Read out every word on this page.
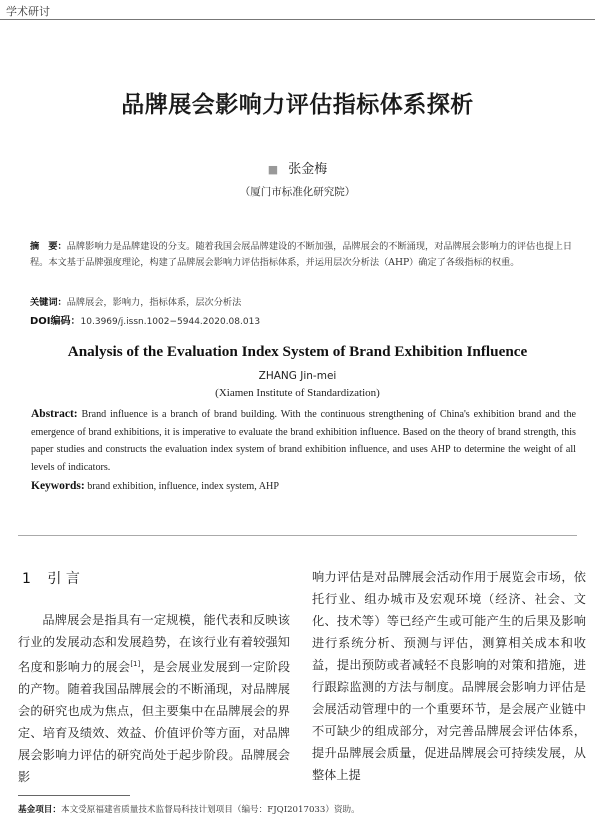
学术研讨
品牌展会影响力评估指标体系探析
■ 张金梅
（厦门市标准化研究院）
摘　要：品牌影响力是品牌建设的分支。随着我国会展品牌建设的不断加强，品牌展会的不断涌现，对品牌展会影响力的评估也提上日程。本文基于品牌强度理论，构建了品牌展会影响力评估指标体系，并运用层次分析法（AHP）确定了各级指标的权重。
关键词：品牌展会，影响力，指标体系，层次分析法
DOI编码：10.3969/j.issn.1002−5944.2020.08.013
Analysis of the Evaluation Index System of Brand Exhibition Influence
ZHANG Jin-mei
(Xiamen Institute of Standardization)
Abstract: Brand influence is a branch of brand building. With the continuous strengthening of China's exhibition brand and the emergence of brand exhibitions, it is imperative to evaluate the brand exhibition influence. Based on the theory of brand strength, this paper studies and constructs the evaluation index system of brand exhibition influence, and uses AHP to determine the weight of all levels of indicators.
Keywords: brand exhibition, influence, index system, AHP
1 引 言
品牌展会是指具有一定规模，能代表和反映该行业的发展动态和发展趋势，在该行业有着较强知名度和影响力的展会[1]，是会展业发展到一定阶段的产物。随着我国品牌展会的不断涌现，对品牌展会的研究也成为焦点，但主要集中在品牌展会的界定、培育及绩效、效益、价值评价等方面，对品牌展会影响力评估的研究尚处于起步阶段。品牌展会影
响力评估是对品牌展会活动作用于展览会市场，依托行业、组办城市及宏观环境（经济、社会、文化、技术等）等已经产生或可能产生的后果及影响进行系统分析、预测与评估，测算相关成本和收益，提出预防或者减轻不良影响的对策和措施，进行跟踪监测的方法与制度。品牌展会影响力评估是会展活动管理中的一个重要环节，是会展产业链中不可缺少的组成部分，对完善品牌展会评估体系，提升品牌展会质量，促进品牌展会可持续发展，从整体上提
基金项目：本文受原福建省质量技术监督局科技计划项目（编号：FJQI2017033）资助。
